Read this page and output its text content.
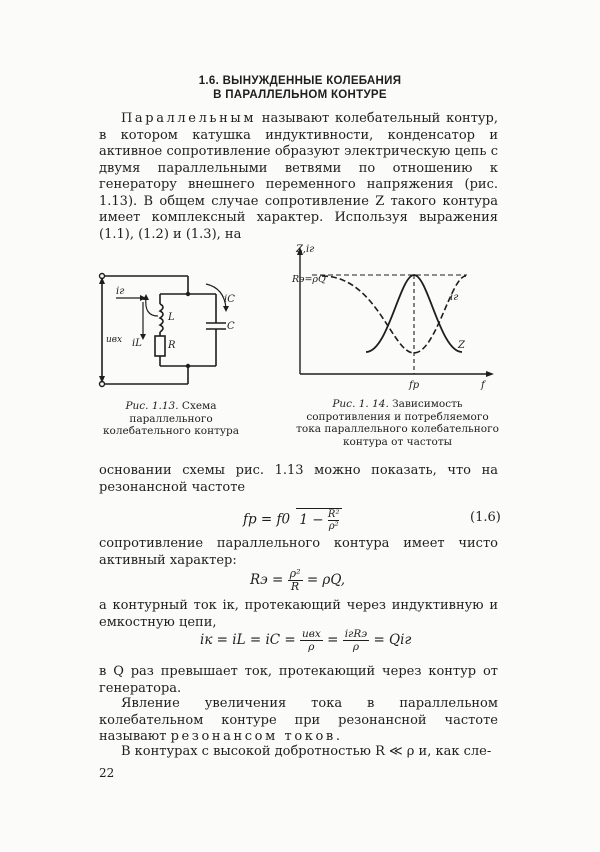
1.6. ВЫНУЖДЕННЫЕ КОЛЕБАНИЯ
В ПАРАЛЛЕЛЬНОМ КОНТУРЕ
Параллельным называют колебательный контур, в котором катушка индуктивности, конденсатор и активное сопротивление образуют электрическую цепь с двумя параллельными ветвями по отношению к генератору внешнего переменного напряжения (рис. 1.13). В общем случае сопротивление Z такого контура имеет комплексный характер. Используя выражения (1.1), (1.2) и (1.3), на
iг
iC
L
C
iL	R
uвх
Рис. 1.13. Схема параллельного колебательного контура
Z,iг
Rэ=ρQ
iг
Z
fр	f
Рис. 1. 14. Зависимость сопротивления и потребляемого тока параллельного колебательного контура от частоты
основании схемы рис. 1.13 можно показать, что на резонансной частоте
fр = f0 $1 - \frac{\text{R²}}{\text{ρ²}}$	(1.6)
сопротивление параллельного контура имеет чисто активный характер:
Rэ = $\frac{\text{ρ²}}{R} = \rho Q$,
а контурный ток iк, протекающий через индуктивную и емкостную цепи,
iк = iL = iC = uвх
ρ = iгRэ
ρ	= Qiг
в Q раз превышает ток, протекающий через контур от генератора.
Явление увеличения тока в параллельном колебательном контуре при резонансной частоте называют резонансом токов.
В контурах с высокой добротностью R ≪ ρ и, как сле-
22
